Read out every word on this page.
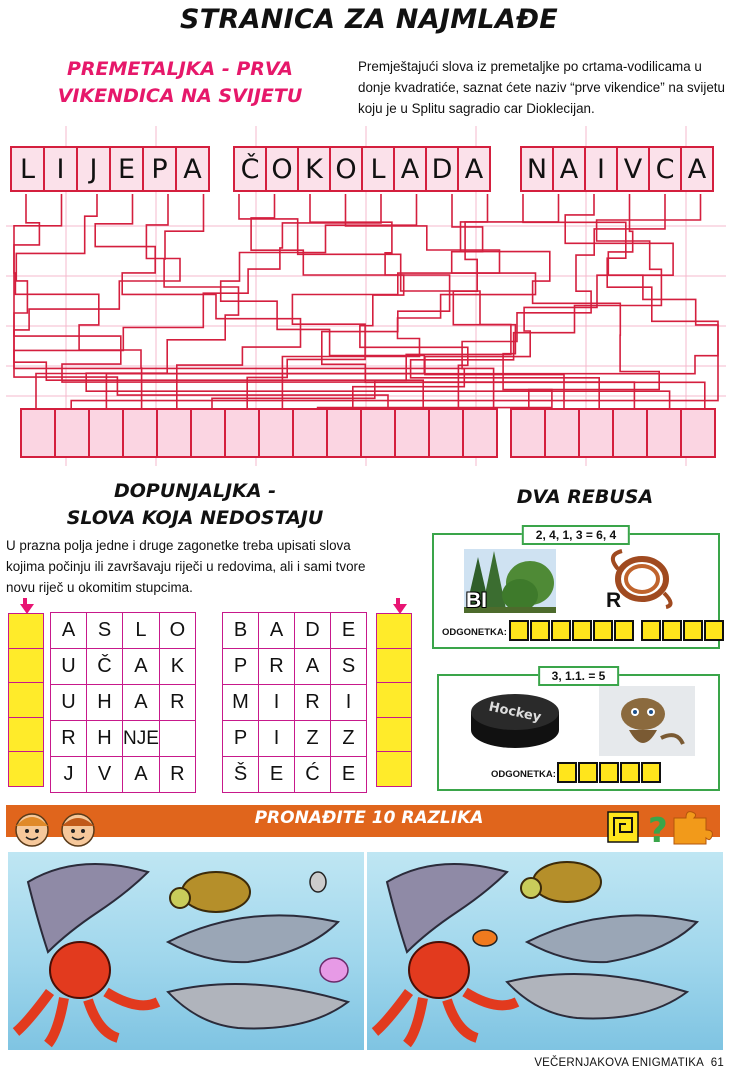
STRANICA ZA NAJMLAĐE
PREMETALJKA - PRVA
VIKENDICA NA SVIJETU
Premještajući slova iz premetaljke po crtama-vodilicama u donje kvadratiće, saznat ćete naziv “prve vikendice” na svijetu koju je u Splitu sagradio car Dioklecijan.
L I J E P A	Č O K O L A D A N A I V C A
DOPUNJALJKA -
SLOVA KOJA NEDOSTAJU
U prazna polja jedne i druge zagonetke treba upisati slova kojima počinju ili završavaju riječi u redovima, ali i sami tvore novu riječ u okomitim stupcima.
A	S	L	O
U	Č	A	K
U	H	A	R
R	H	NJE	
J	V	A	R
B	A	D	E
P	R	A	S
M	I	R	I
P	I	Z	Z
Š	E	Ć	E
DVA REBUSA
2, 4, 1, 3 = 6, 4
BI	R
ODGONETKA:
3, 1.1. = 5
Hockey
ODGONETKA:
PRONAĐITE 10 RAZLIKA	?
VEČERNJAKOVA ENIGMATIKA 61
